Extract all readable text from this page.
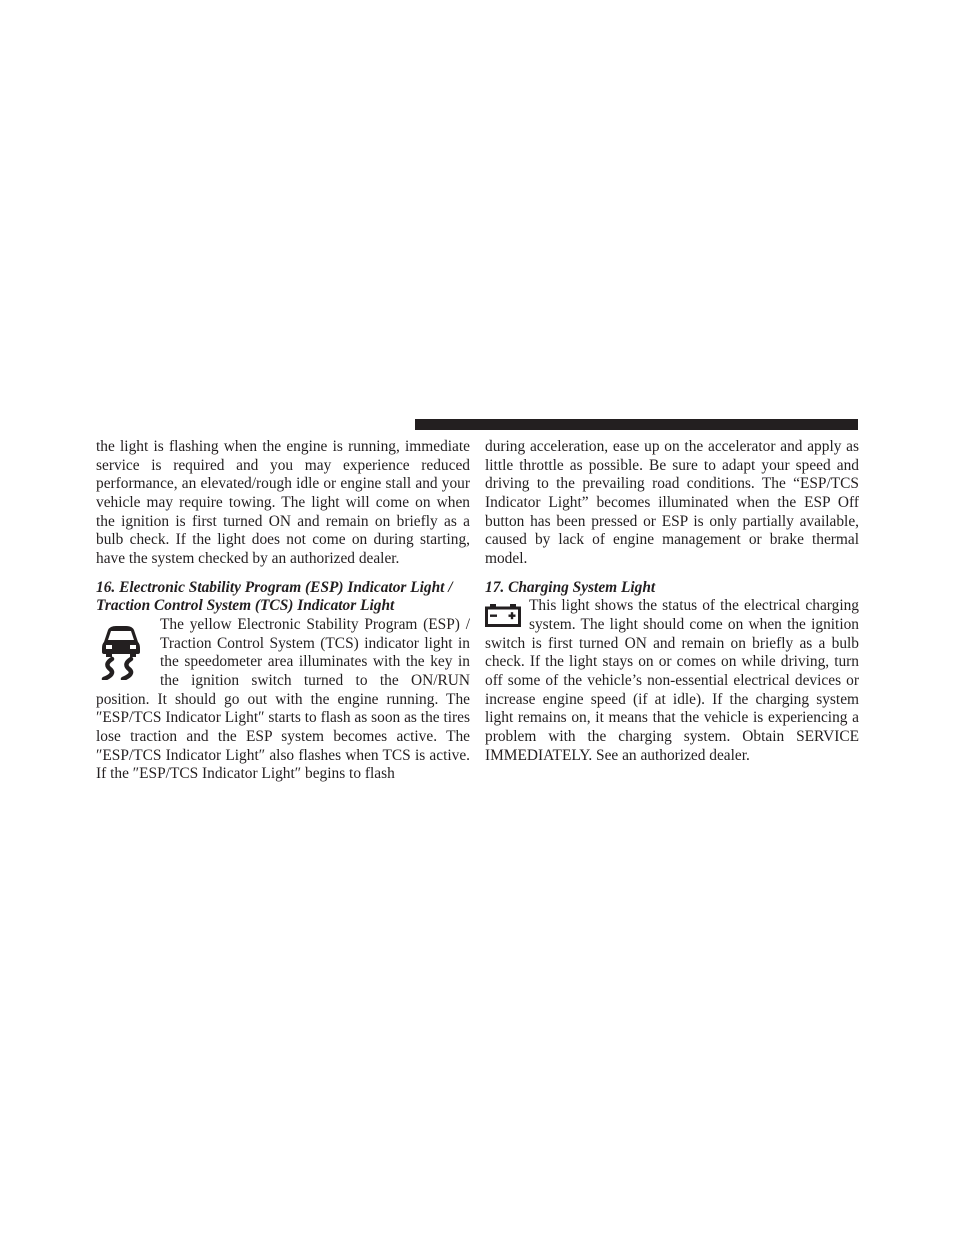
the light is flashing when the engine is running, immediate service is required and you may experience reduced performance, an elevated/rough idle or engine stall and your vehicle may require towing. The light will come on when the ignition is first turned ON and remain on briefly as a bulb check. If the light does not come on during starting, have the system checked by an authorized dealer.

16. Electronic Stability Program (ESP) Indicator Light / Traction Control System (TCS) Indicator Light

The yellow Electronic Stability Program (ESP) / Traction Control System (TCS) indicator light in the speedometer area illuminates with the key in the ignition switch turned to the ON/RUN position. It should go out with the engine running. The ″ESP/TCS Indicator Light″ starts to flash as soon as the tires lose traction and the ESP system becomes active. The ″ESP/TCS Indicator Light″ also flashes when TCS is active. If the ″ESP/TCS Indicator Light″ begins to flash

during acceleration, ease up on the accelerator and apply as little throttle as possible. Be sure to adapt your speed and driving to the prevailing road conditions. The “ESP/TCS Indicator Light” becomes illuminated when the ESP Off button has been pressed or ESP is only partially available, caused by lack of engine management or brake thermal model.

17. Charging System Light

This light shows the status of the electrical charging system. The light should come on when the ignition switch is first turned ON and remain on briefly as a bulb check. If the light stays on or comes on while driving, turn off some of the vehicle’s non-essential electrical devices or increase engine speed (if at idle). If the charging system light remains on, it means that the vehicle is experiencing a problem with the charging system. Obtain SERVICE IMMEDIATELY. See an authorized dealer.
